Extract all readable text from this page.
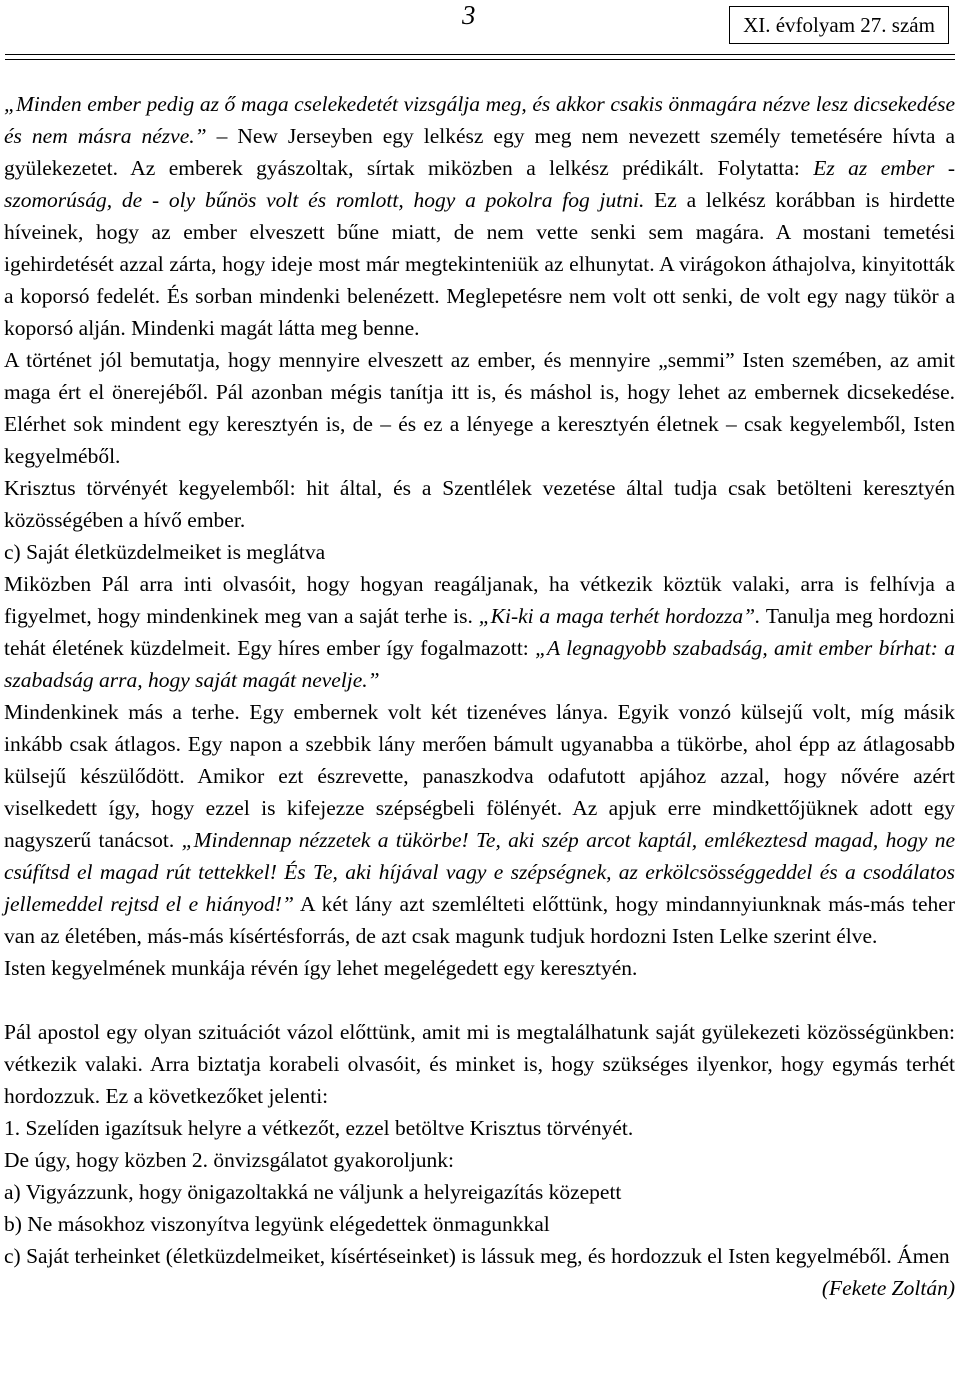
3	XI. évfolyam 27. szám

„Minden ember pedig az ő maga cselekedetét vizsgálja meg, és akkor csakis önmagára nézve lesz dicsekedése és nem másra nézve.” – New Jerseyben egy lelkész egy meg nem nevezett személy temetésére hívta a gyülekezetet. Az emberek gyászoltak, sírtak miközben a lelkész prédikált. Folytatta: Ez az ember - szomorúság, de - oly bűnös volt és romlott, hogy a pokolra fog jutni. Ez a lelkész korábban is hirdette híveinek, hogy az ember elveszett bűne miatt, de nem vette senki sem magára. A mostani temetési igehirdetését azzal zárta, hogy ideje most már megtekinteniük az elhunytat. A virágokon áthajolva, kinyitották a koporsó fedelét. És sorban mindenki belenézett. Meglepetésre nem volt ott senki, de volt egy nagy tükör a koporsó alján. Mindenki magát látta meg benne.

A történet jól bemutatja, hogy mennyire elveszett az ember, és mennyire „semmi” Isten szemében, az amit maga ért el önerejéből. Pál azonban mégis tanítja itt is, és máshol is, hogy lehet az embernek dicsekedése. Elérhet sok mindent egy keresztyén is, de – és ez a lényege a keresztyén életnek – csak kegyelemből, Isten kegyelméből.

Krisztus törvényét kegyelemből: hit által, és a Szentlélek vezetése által tudja csak betölteni keresztyén közösségében a hívő ember.

c) Saját életküzdelmeiket is meglátva

Miközben Pál arra inti olvasóit, hogy hogyan reagáljanak, ha vétkezik köztük valaki, arra is felhívja a figyelmet, hogy mindenkinek meg van a saját terhe is. „Ki-ki a maga terhét hordozza”. Tanulja meg hordozni tehát életének küzdelmeit. Egy híres ember így fogalmazott: „A legnagyobb szabadság, amit ember bírhat: a szabadság arra, hogy saját magát nevelje.”

Mindenkinek más a terhe. Egy embernek volt két tizenéves lánya. Egyik vonzó külsejű volt, míg másik inkább csak átlagos. Egy napon a szebbik lány merően bámult ugyanabba a tükörbe, ahol épp az átlagosabb külsejű készülődött. Amikor ezt észrevette, panaszkodva odafutott apjához azzal, hogy nővére azért viselkedett így, hogy ezzel is kifejezze szépségbeli fölényét. Az apjuk erre mindkettőjüknek adott egy nagyszerű tanácsot. „Mindennap nézzetek a tükörbe! Te, aki szép arcot kaptál, emlékeztesd magad, hogy ne csúfítsd el magad rút tettekkel! És Te, aki híjával vagy e szépségnek, az erkölcsösséggeddel és a csodálatos jellemeddel rejtsd el e hiányod!” A két lány azt szemlélteti előttünk, hogy mindannyiunknak más-más teher van az életében, más-más kísértésforrás, de azt csak magunk tudjuk hordozni Isten Lelke szerint élve.

Isten kegyelmének munkája révén így lehet megelégedett egy keresztyén.

Pál apostol egy olyan szituációt vázol előttünk, amit mi is megtalálhatunk saját gyülekezeti közösségünkben: vétkezik valaki. Arra biztatja korabeli olvasóit, és minket is, hogy szükséges ilyenkor, hogy egymás terhét hordozzuk. Ez a következőket jelenti:

1. Szelíden igazítsuk helyre a vétkezőt, ezzel betöltve Krisztus törvényét.

De úgy, hogy közben 2. önvizsgálatot gyakoroljunk:

a) Vigyázzunk, hogy önigazoltakká ne váljunk a helyreigazítás közepett

b) Ne másokhoz viszonyítva legyünk elégedettek önmagunkkal

c) Saját terheinket (életküzdelmeiket, kísértéseinket) is lássuk meg, és hordozzuk el Isten kegyelméből. Ámen

(Fekete Zoltán)
